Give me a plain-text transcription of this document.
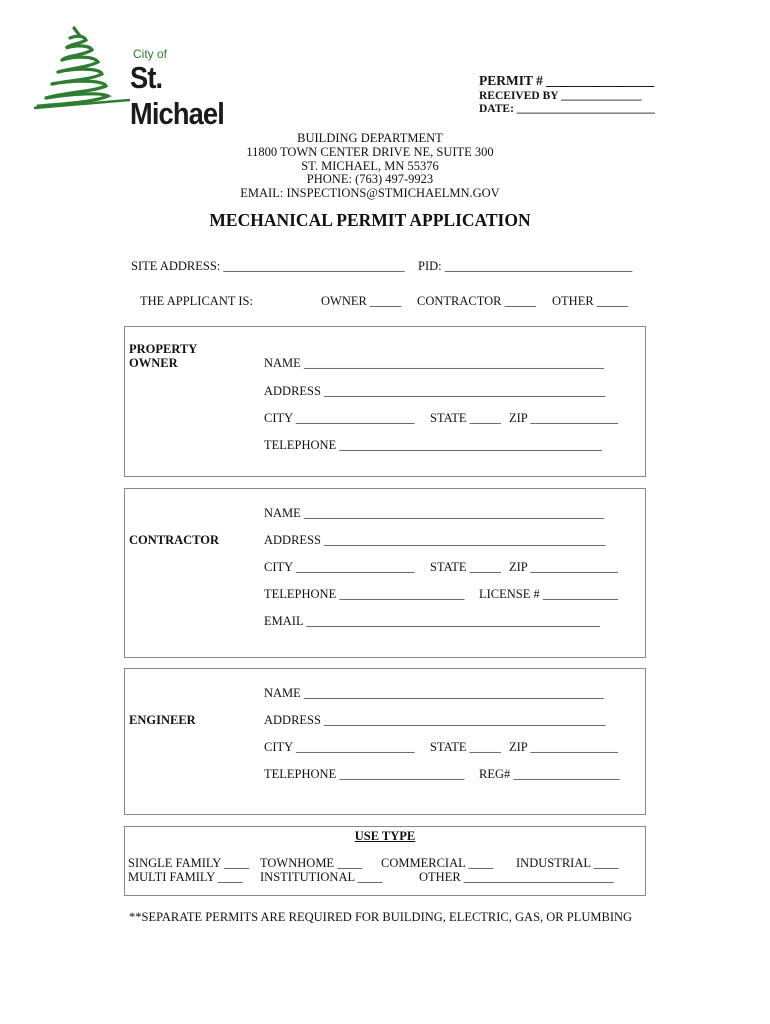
City of
St. Michael
PERMIT # ________________
RECEIVED BY ______________
DATE: ________________________
BUILDING DEPARTMENT
11800 TOWN CENTER DRIVE NE, SUITE 300
ST. MICHAEL, MN 55376
PHONE: (763) 497-9923
EMAIL: INSPECTIONS@STMICHAELMN.GOV
MECHANICAL PERMIT APPLICATION
SITE ADDRESS: _____________________________ PID: ______________________________
THE APPLICANT IS:	OWNER _____ CONTRACTOR _____ OTHER _____
PROPERTY
OWNER	NAME ________________________________________________
ADDRESS _____________________________________________
CITY ___________________ STATE _____ ZIP ______________
TELEPHONE __________________________________________
NAME ________________________________________________
CONTRACTOR	ADDRESS _____________________________________________
CITY ___________________ STATE _____ ZIP ______________
TELEPHONE ____________________ LICENSE # ____________
EMAIL _______________________________________________
NAME ________________________________________________
ENGINEER	ADDRESS _____________________________________________
CITY ___________________ STATE _____ ZIP ______________
TELEPHONE ____________________ REG# _________________
USE TYPE
SINGLE FAMILY ____ TOWNHOME ____ COMMERCIAL ____ INDUSTRIAL ____
MULTI FAMILY ____ INSTITUTIONAL ____	OTHER ________________________
**SEPARATE PERMITS ARE REQUIRED FOR BUILDING, ELECTRIC, GAS, OR PLUMBING
